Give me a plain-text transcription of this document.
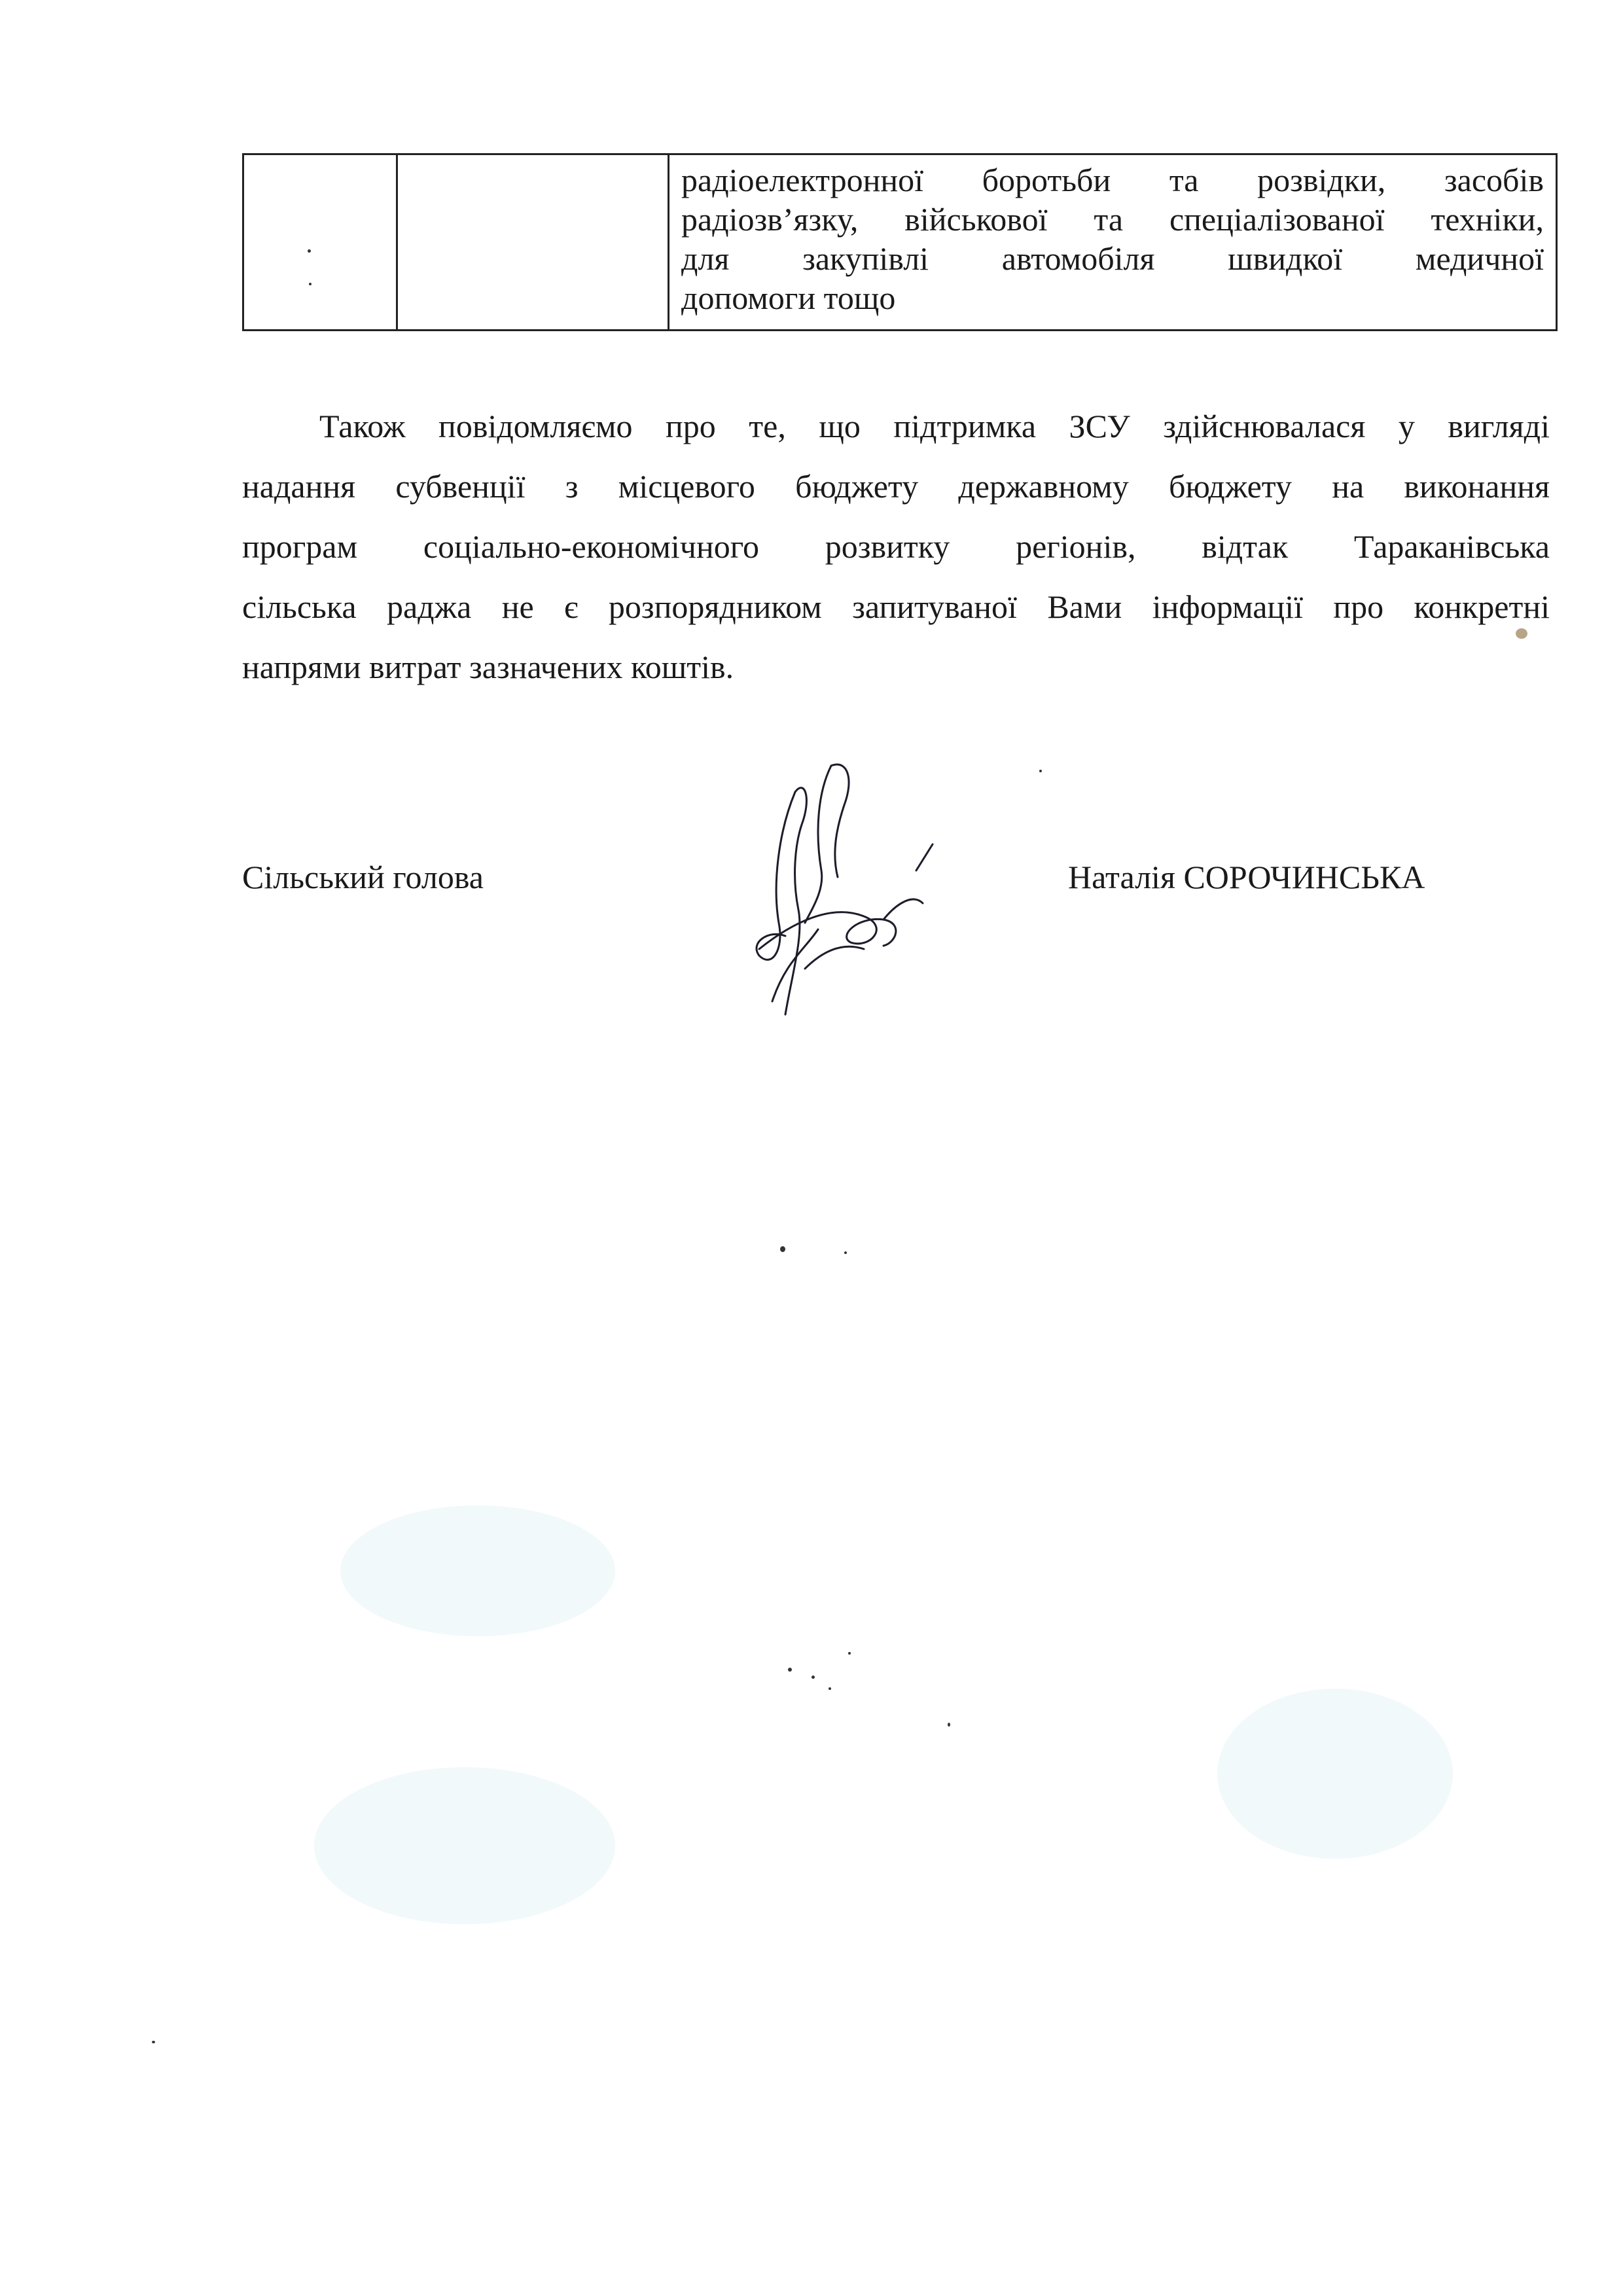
радіоелектронної боротьби та розвідки, засобів
радіозв’язку, військової та спеціалізованої техніки,
для закупівлі автомобіля швидкої медичної
допомоги тощо
Також повідомляємо про те, що підтримка ЗСУ здійснювалася у вигляді
надання субвенції з місцевого бюджету державному бюджету на виконання
програм соціально-економічного розвитку регіонів, відтак Тараканівська
сільська раджа не є розпорядником запитуваної Вами інформації про конкретні
напрями витрат зазначених коштів.
Сільський голова	Наталія СОРОЧИНСЬКА
